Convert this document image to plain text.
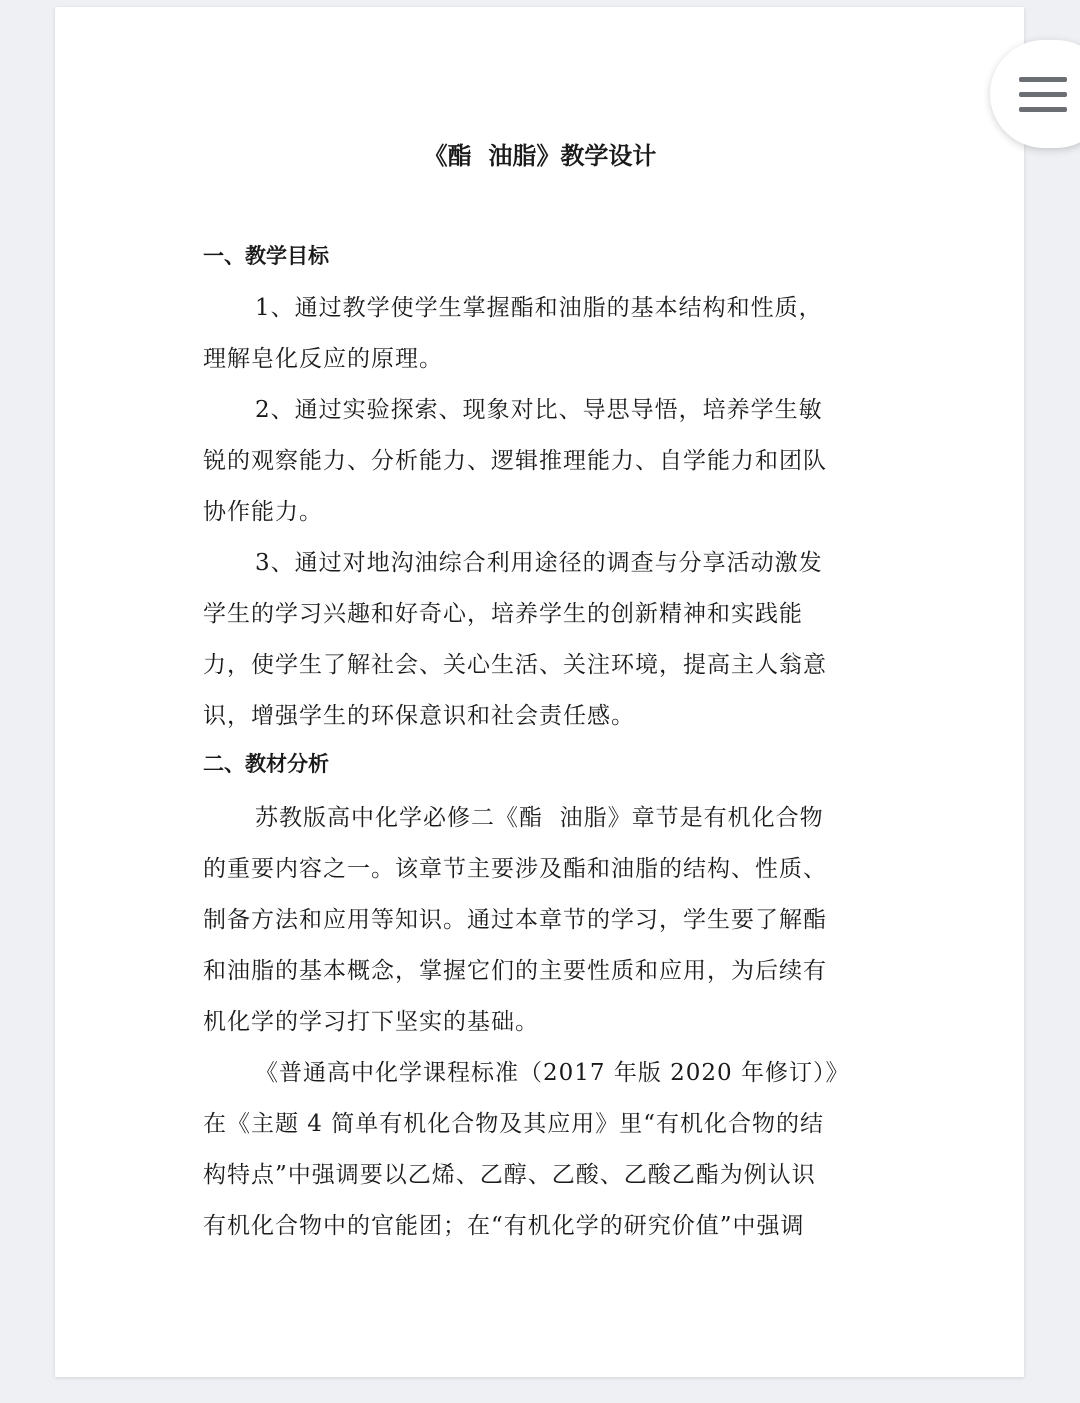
《酯  油脂》教学设计
一、教学目标
1、通过教学使学生掌握酯和油脂的基本结构和性质，
理解皂化反应的原理。
2、通过实验探索、现象对比、导思导悟，培养学生敏
锐的观察能力、分析能力、逻辑推理能力、自学能力和团队
协作能力。
3、通过对地沟油综合利用途径的调查与分享活动激发
学生的学习兴趣和好奇心，培养学生的创新精神和实践能
力，使学生了解社会、关心生活、关注环境，提高主人翁意
识，增强学生的环保意识和社会责任感。
二、教材分析
苏教版高中化学必修二《酯  油脂》章节是有机化合物
的重要内容之一。该章节主要涉及酯和油脂的结构、性质、
制备方法和应用等知识。通过本章节的学习，学生要了解酯
和油脂的基本概念，掌握它们的主要性质和应用，为后续有
机化学的学习打下坚实的基础。
《普通高中化学课程标准（2017 年版 2020 年修订）》
在《主题 4 简单有机化合物及其应用》里“有机化合物的结
构特点”中强调要以乙烯、乙醇、乙酸、乙酸乙酯为例认识
有机化合物中的官能团；在“有机化学的研究价值”中强调
